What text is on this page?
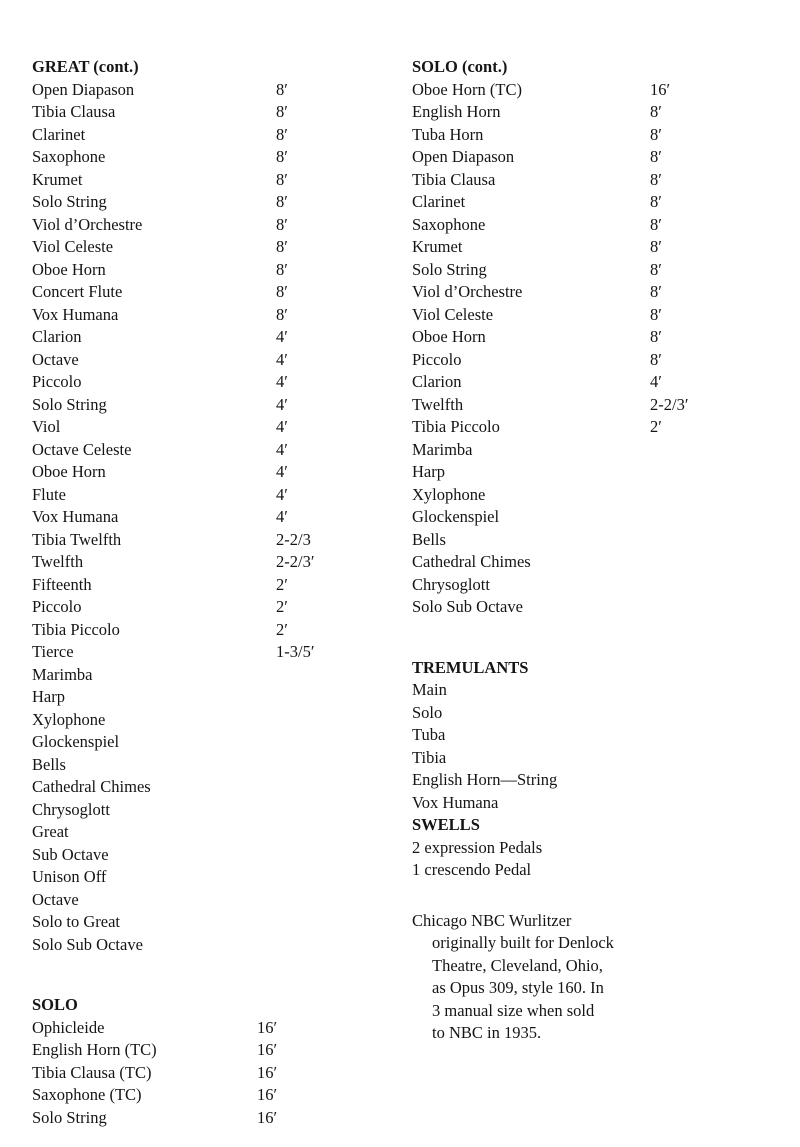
GREAT (cont.)
Open Diapason	8′
Tibia Clausa	8′
Clarinet	8′
Saxophone	8′
Krumet	8′
Solo String	8′
Viol d’Orchestre	8′
Viol Celeste	8′
Oboe Horn	8′
Concert Flute	8′
Vox Humana	8′
Clarion	4′
Octave	4′
Piccolo	4′
Solo String	4′
Viol	4′
Octave Celeste	4′
Oboe Horn	4′
Flute	4′
Vox Humana	4′
Tibia Twelfth	2-2/3
Twelfth	2-2/3′
Fifteenth	2′
Piccolo	2′
Tibia Piccolo	2′
Tierce	1-3/5′
Marimba
Harp
Xylophone
Glockenspiel
Bells
Cathedral Chimes
Chrysoglott
Great
Sub Octave
Unison Off
Octave
Solo to Great
Solo Sub Octave
SOLO
Ophicleide	16′
English Horn (TC)	16′
Tibia Clausa (TC)	16′
Saxophone (TC)	16′
Solo String	16′
SOLO (cont.)
Oboe Horn (TC)	16′
English Horn	8′
Tuba Horn	8′
Open Diapason	8′
Tibia Clausa	8′
Clarinet	8′
Saxophone	8′
Krumet	8′
Solo String	8′
Viol d’Orchestre	8′
Viol Celeste	8′
Oboe Horn	8′
Piccolo	8′
Clarion	4′
Twelfth	2-2/3′
Tibia Piccolo	2′
Marimba
Harp
Xylophone
Glockenspiel
Bells
Cathedral Chimes
Chrysoglott
Solo Sub Octave
TREMULANTS
Main
Solo
Tuba
Tibia
English Horn—String
Vox Humana
SWELLS
2 expression Pedals
1 crescendo Pedal
Chicago NBC Wurlitzer
originally built for Denlock
Theatre, Cleveland, Ohio,
as Opus 309, style 160. In
3 manual size when sold
to NBC in 1935.
